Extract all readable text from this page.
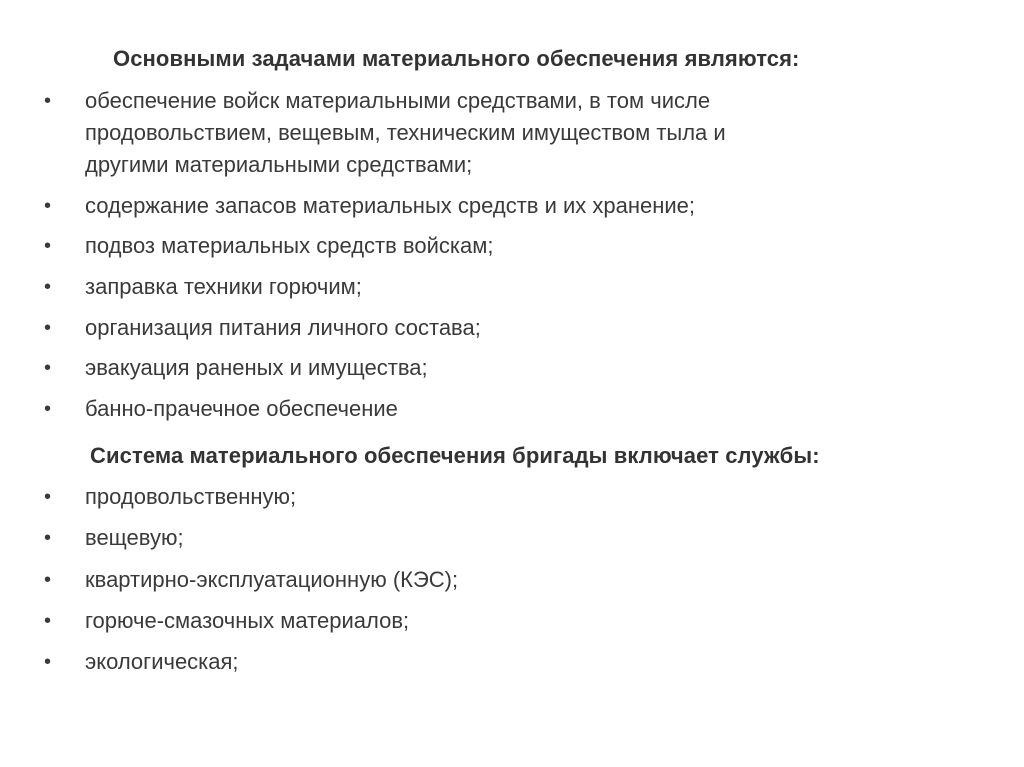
Основными задачами материального обеспечения являются:
• обеспечение войск материальными средствами, в том числе
продовольствием, вещевым, техническим имуществом тыла и
другими материальными средствами;
• содержание запасов материальных средств и их хранение;
• подвоз материальных средств войскам;
• заправка техники горючим;
• организация питания личного состава;
• эвакуация раненых и имущества;
• банно-прачечное обеспечение
Система материального обеспечения бригады включает службы:
• продовольственную;
• вещевую;
• квартирно-эксплуатационную (КЭС);
• горюче-смазочных материалов;
• экологическая;
